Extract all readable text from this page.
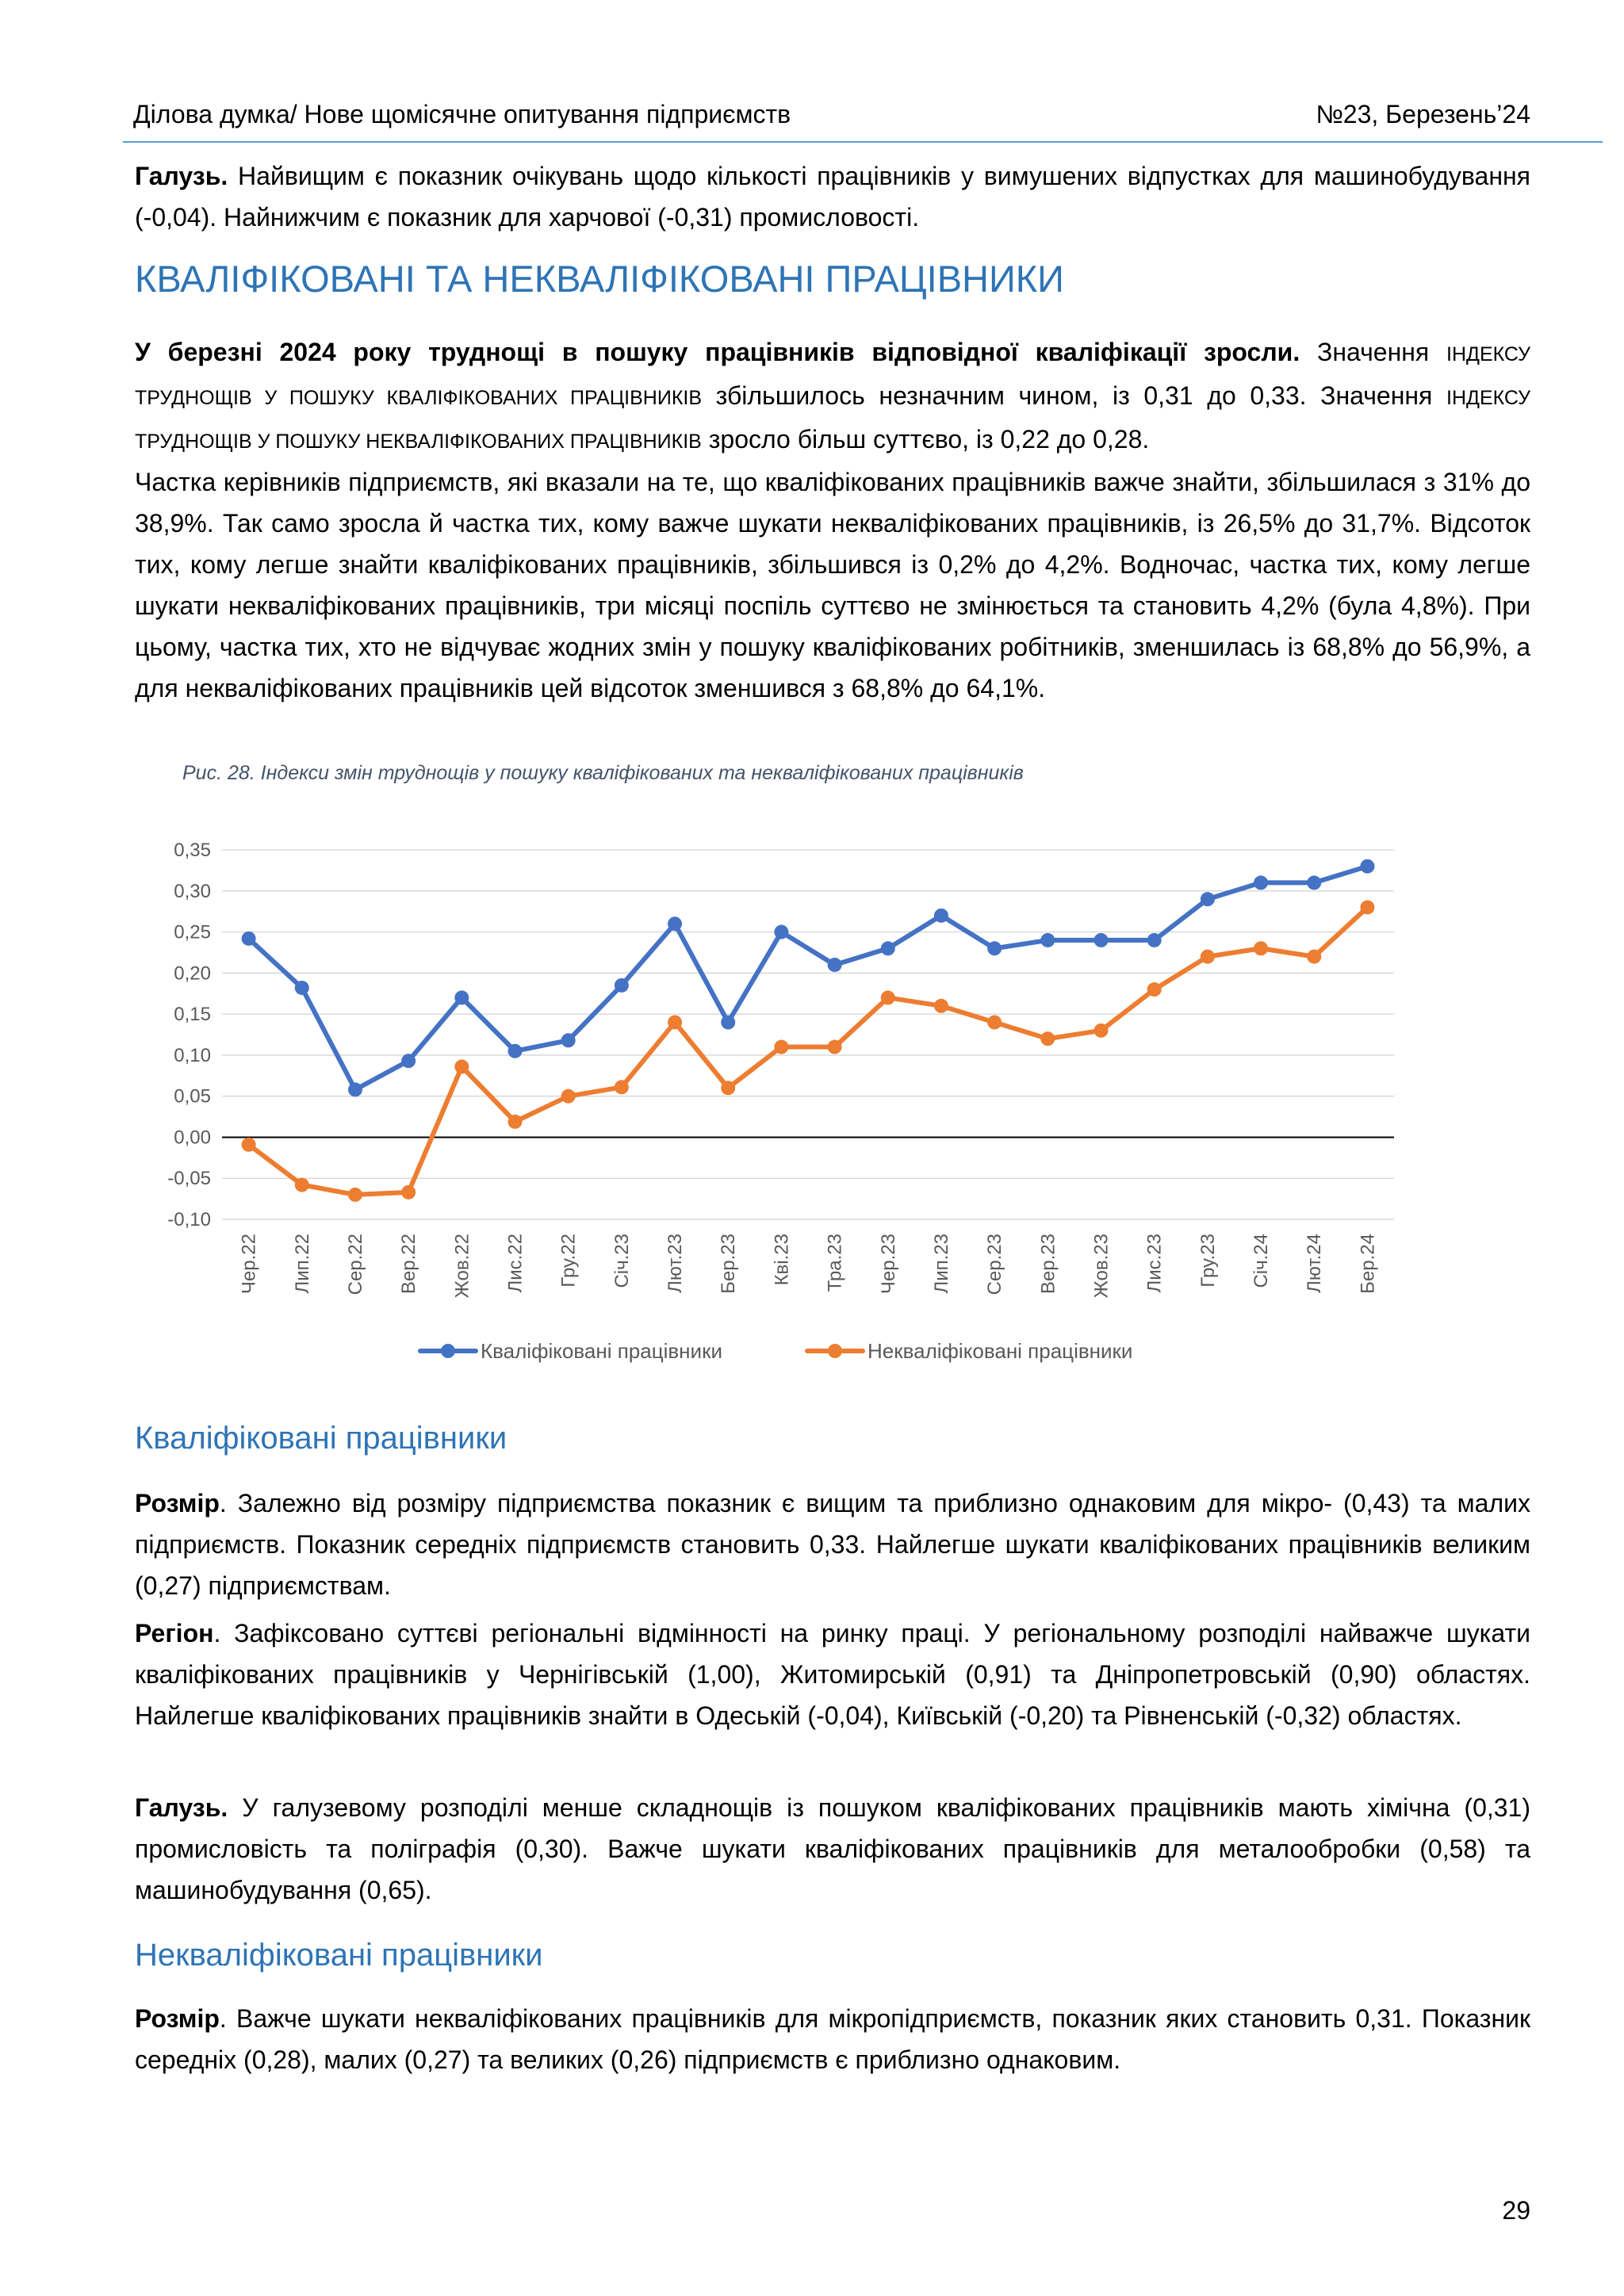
Ділова думка/ Нове щомісячне опитування підприємств	№23, Березень’24
Галузь. Найвищим є показник очікувань щодо кількості працівників у вимушених відпустках для машинобудування (-0,04). Найнижчим є показник для харчової (-0,31) промисловості.
КВАЛІФІКОВАНІ ТА НЕКВАЛІФІКОВАНІ ПРАЦІВНИКИ
У березні 2024 року труднощі в пошуку працівників відповідної кваліфікації зросли. Значення ІНДЕКСУ ТРУДНОЩІВ У ПОШУКУ КВАЛІФІКОВАНИХ ПРАЦІВНИКІВ збільшилось незначним чином, із 0,31 до 0,33. Значення ІНДЕКСУ ТРУДНОЩІВ У ПОШУКУ НЕКВАЛІФІКОВАНИХ ПРАЦІВНИКІВ зросло більш суттєво, із 0,22 до 0,28.
Частка керівників підприємств, які вказали на те, що кваліфікованих працівників важче знайти, збільшилася з 31% до 38,9%. Так само зросла й частка тих, кому важче шукати некваліфікованих працівників, із 26,5% до 31,7%. Відсоток тих, кому легше знайти кваліфікованих працівників, збільшився із 0,2% до 4,2%. Водночас, частка тих, кому легше шукати некваліфікованих працівників, три місяці поспіль суттєво не змінюється та становить 4,2% (була 4,8%). При цьому, частка тих, хто не відчуває жодних змін у пошуку кваліфікованих робітників, зменшилась із 68,8% до 56,9%, а для некваліфікованих працівників цей відсоток зменшився з 68,8% до 64,1%.
Рис. 28. Індекси змін труднощів у пошуку кваліфікованих та некваліфікованих працівників
0,35
0,30
0,25
0,20
0,15
0,10
0,05
0,00
-0,05
-0,10
Чер.22 Лип.22 Сер.22 Вер.22 Жов.22 Лис.22 Гру.22 Січ.23 Лют.23 Бер.23 Кві.23 Тра.23 Чер.23 Лип.23 Сер.23 Вер.23 Жов.23 Лис.23 Гру.23 Січ.24 Лют.24 Бер.24
Кваліфіковані працівники	Некваліфіковані працівники
Кваліфіковані працівники
Розмір. Залежно від розміру підприємства показник є вищим та приблизно однаковим для мікро- (0,43) та малих підприємств. Показник середніх підприємств становить 0,33. Найлегше шукати кваліфікованих працівників великим (0,27) підприємствам.
Регіон. Зафіксовано суттєві регіональні відмінності на ринку праці. У регіональному розподілі найважче шукати кваліфікованих працівників у Чернігівській (1,00), Житомирській (0,91) та Дніпропетровській (0,90) областях. Найлегше кваліфікованих працівників знайти в Одеській (-0,04), Київській (-0,20) та Рівненській (-0,32) областях.
Галузь. У галузевому розподілі менше складнощів із пошуком кваліфікованих працівників мають хімічна (0,31) промисловість та поліграфія (0,30). Важче шукати кваліфікованих працівників для металообробки (0,58) та машинобудування (0,65).
Некваліфіковані працівники
Розмір. Важче шукати некваліфікованих працівників для мікропідприємств, показник яких становить 0,31. Показник середніх (0,28), малих (0,27) та великих (0,26) підприємств є приблизно однаковим.
29
